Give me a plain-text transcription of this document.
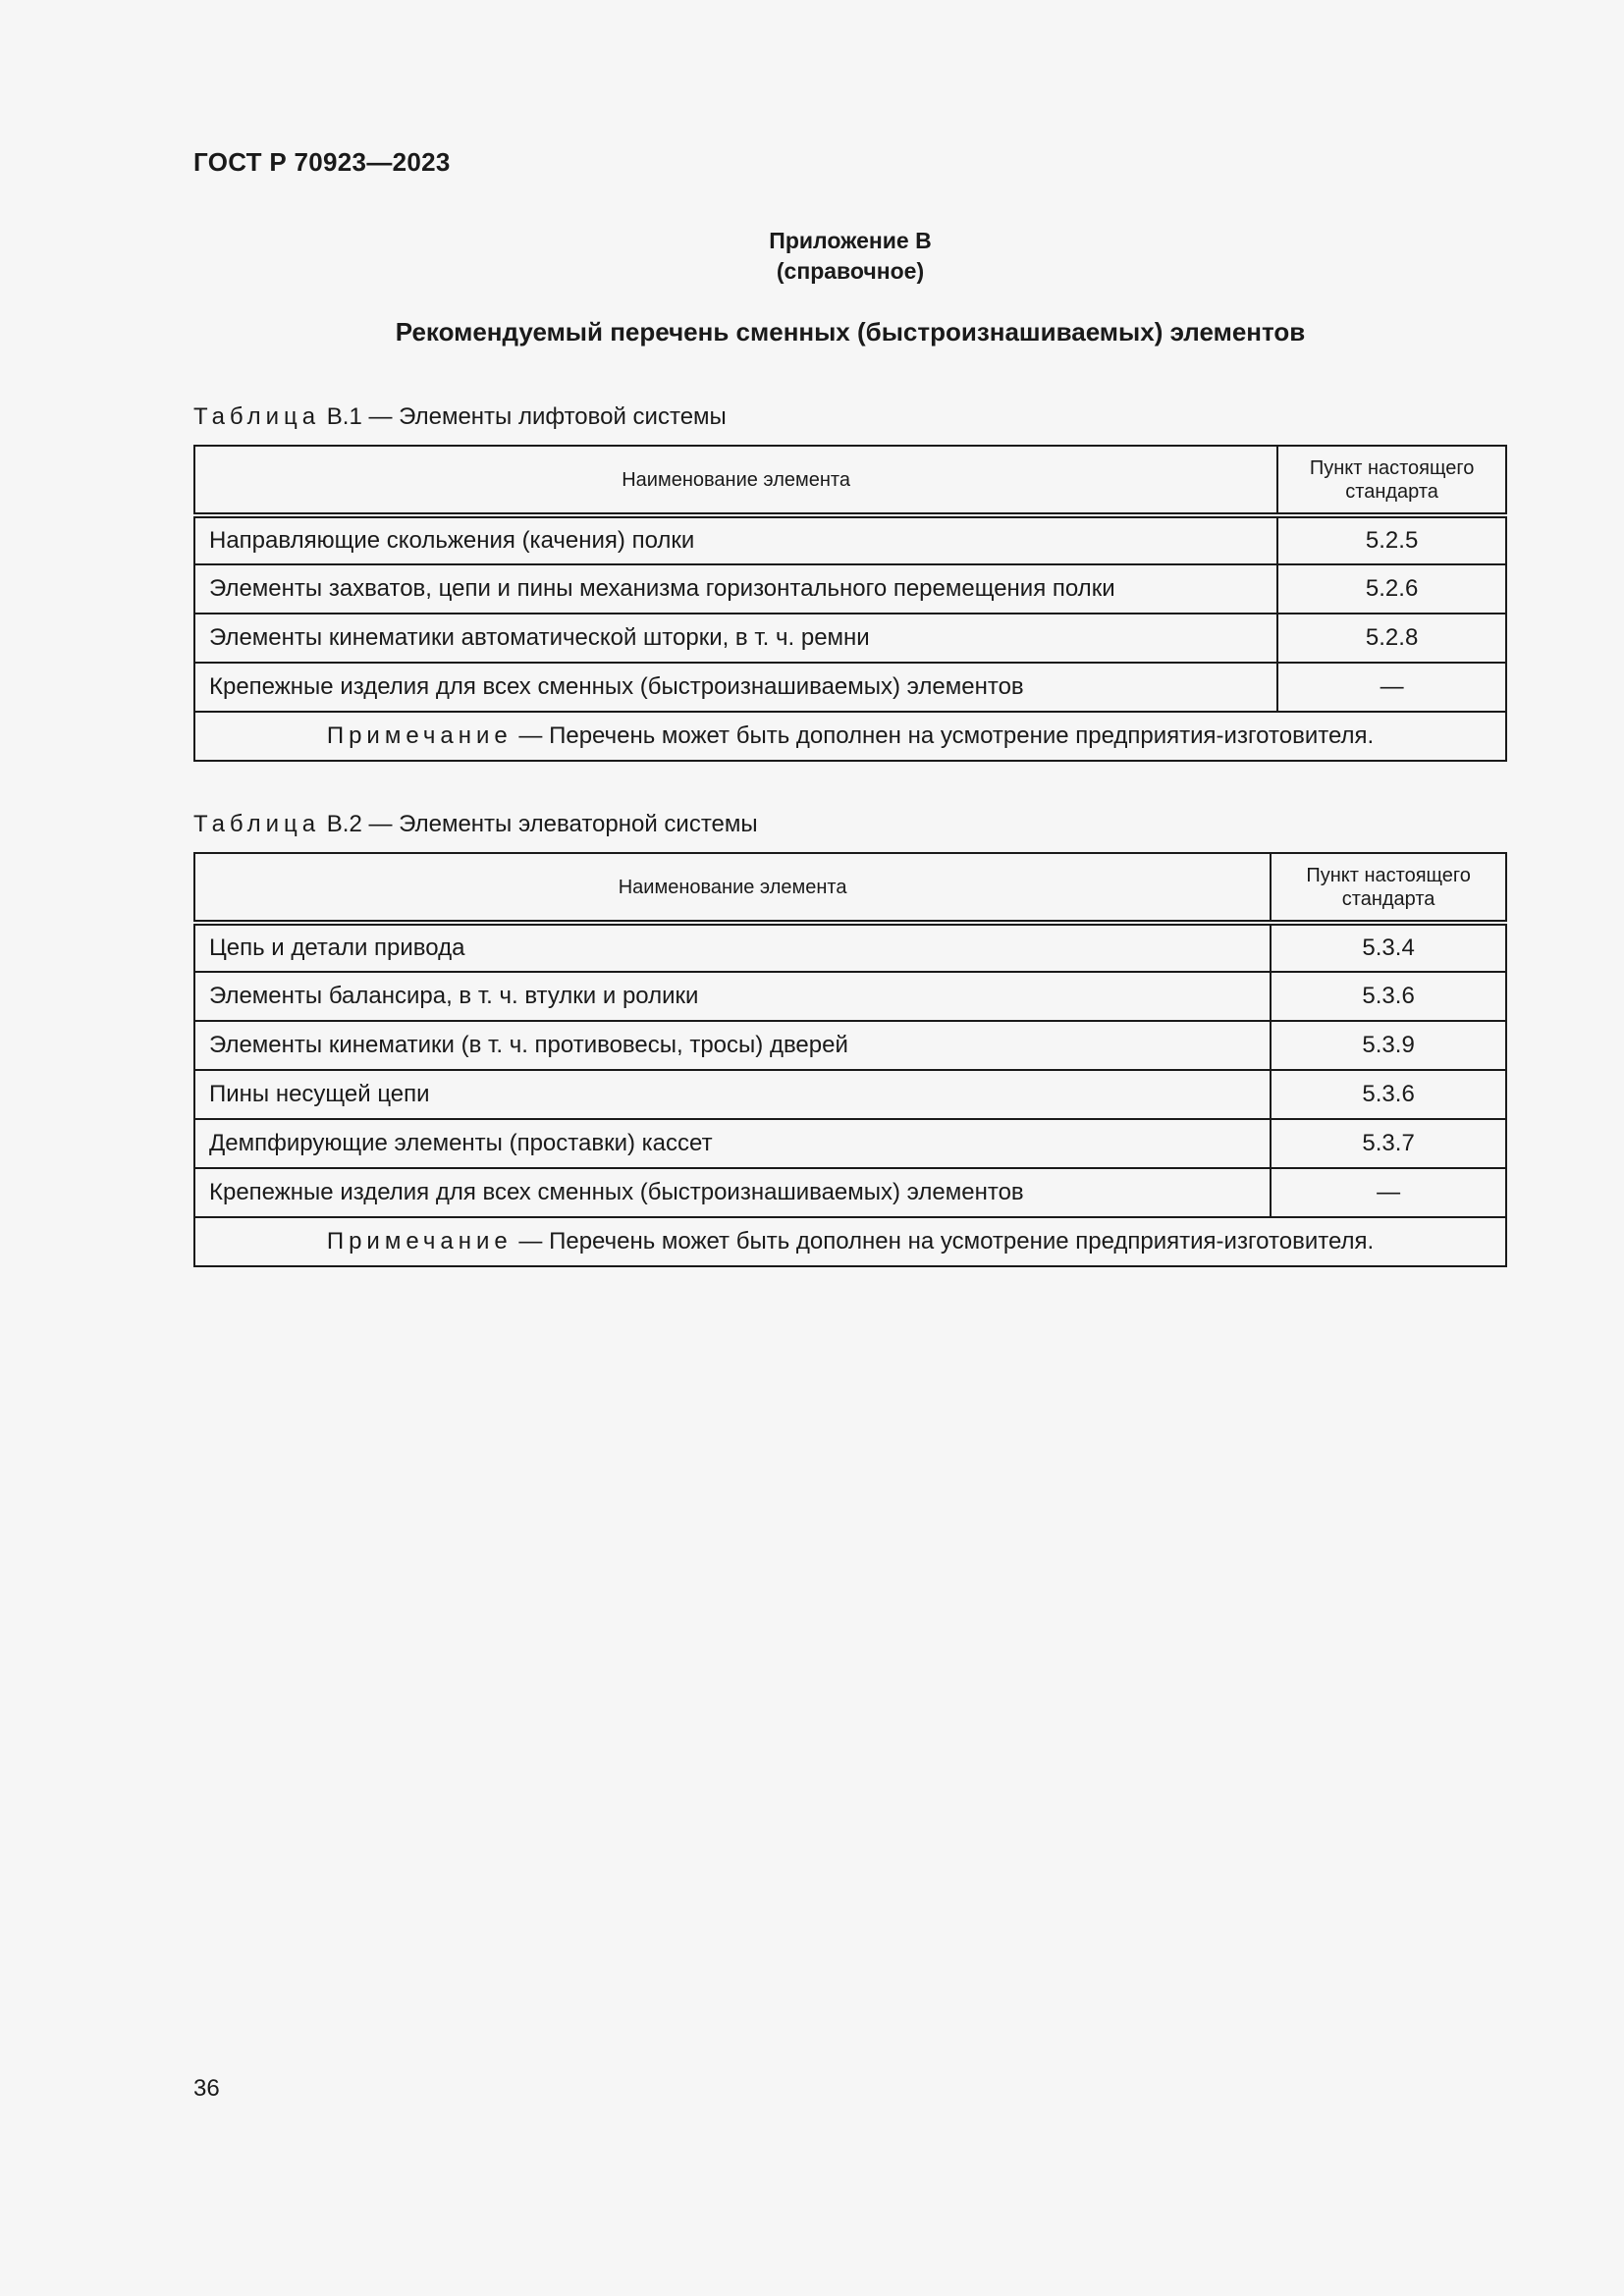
ГОСТ Р 70923—2023
Приложение В
(справочное)
Рекомендуемый перечень сменных (быстроизнашиваемых) элементов
Таблица В.1 — Элементы лифтовой системы
Наименование элемента	Пункт настоящего стандарта
Направляющие скольжения (качения) полки	5.2.5
Элементы захватов, цепи и пины механизма горизонтального перемещения полки	5.2.6
Элементы кинематики автоматической шторки, в т. ч. ремни	5.2.8
Крепежные изделия для всех сменных (быстроизнашиваемых) элементов	—
Примечание — Перечень может быть дополнен на усмотрение предприятия-изготовителя.	
Таблица В.2 — Элементы элеваторной системы
Наименование элемента	Пункт настоящего стандарта
Цепь и детали привода	5.3.4
Элементы балансира, в т. ч. втулки и ролики	5.3.6
Элементы кинематики (в т. ч. противовесы, тросы) дверей	5.3.9
Пины несущей цепи	5.3.6
Демпфирующие элементы (проставки) кассет	5.3.7
Крепежные изделия для всех сменных (быстроизнашиваемых) элементов	—
Примечание — Перечень может быть дополнен на усмотрение предприятия-изготовителя.	
36
